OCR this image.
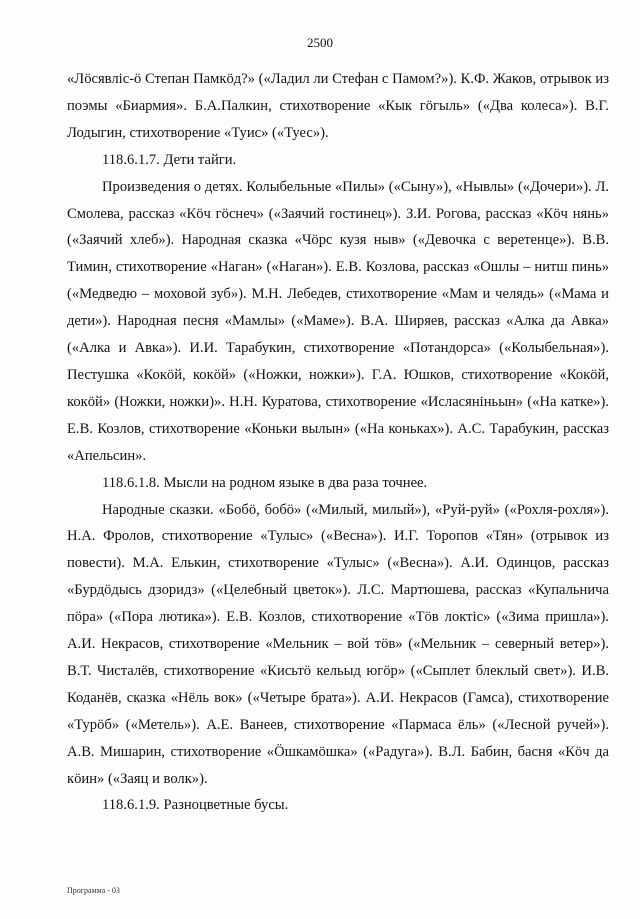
2500

«Лöсявліс-ö Степан Памкöд?» («Ладил ли Стефан с Памом?»). К.Ф. Жаков, отрывок из поэмы «Биармия». Б.А.Палкин, стихотворение «Кык гöгыль» («Два колеса»). В.Г. Лодыгин, стихотворение «Туис» («Туес»).

118.6.1.7. Дети тайги.

Произведения о детях. Колыбельные «Пилы» («Сыну»), «Нывлы» («Дочери»). Л. Смолева, рассказ «Кöч гöснеч» («Заячий гостинец»). З.И. Рогова, рассказ «Кöч нянь» («Заячий хлеб»). Народная сказка «Чöрс кузя ныв» («Девочка с веретенце»). В.В. Тимин, стихотворение «Наган» («Наган»). Е.В. Козлова, рассказ «Ошлы – нитш пинь» («Медведю – моховой зуб»). М.Н. Лебедев, стихотворение «Мам и челядь» («Мама и дети»). Народная песня «Мамлы» («Маме»). В.А. Ширяев, рассказ «Алка да Авка» («Алка и Авка»). И.И. Тарабукин, стихотворение «Потандорса» («Колыбельная»). Пестушка «Кокöй, кокöй» («Ножки, ножки»). Г.А. Юшков, стихотворение «Кокöй, кокöй» (Ножки, ножки)». Н.Н. Куратова, стихотворение «Исласяніньын» («На катке»). Е.В. Козлов, стихотворение «Коньки вылын» («На коньках»). А.С. Тарабукин, рассказ «Апельсин».

118.6.1.8. Мысли на родном языке в два раза точнее.

Народные сказки. «Бобö, бобö» («Милый, милый»), «Руй-руй» («Рохля-рохля»). Н.А. Фролов, стихотворение «Тулыс» («Весна»). И.Г. Торопов «Тян» (отрывок из повести). М.А. Елькин, стихотворение «Тулыс» («Весна»). А.И. Одинцов, рассказ «Бурдöдысь дзоридз» («Целебный цветок»). Л.С. Мартюшева, рассказ «Купальнича пöра» («Пора лютика»). Е.В. Козлов, стихотворение «Тöв локтіс» («Зима пришла»). А.И. Некрасов, стихотворение «Мельник – вой тöв» («Мельник – северный ветер»). В.Т. Чисталёв, стихотворение «Кисьтö кельыд югöр» («Сыплет блеклый свет»). И.В. Коданёв, сказка «Нёль вок» («Четыре брата»). А.И. Некрасов (Гамса), стихотворение «Турöб» («Метель»). А.Е. Ванеев, стихотворение «Пармаса ёль» («Лесной ручей»). А.В. Мишарин, стихотворение «Ӧшкамöшка» («Радуга»). В.Л. Бабин, басня «Кöч да кöин» («Заяц и волк»).

118.6.1.9. Разноцветные бусы.

Программа - 03
